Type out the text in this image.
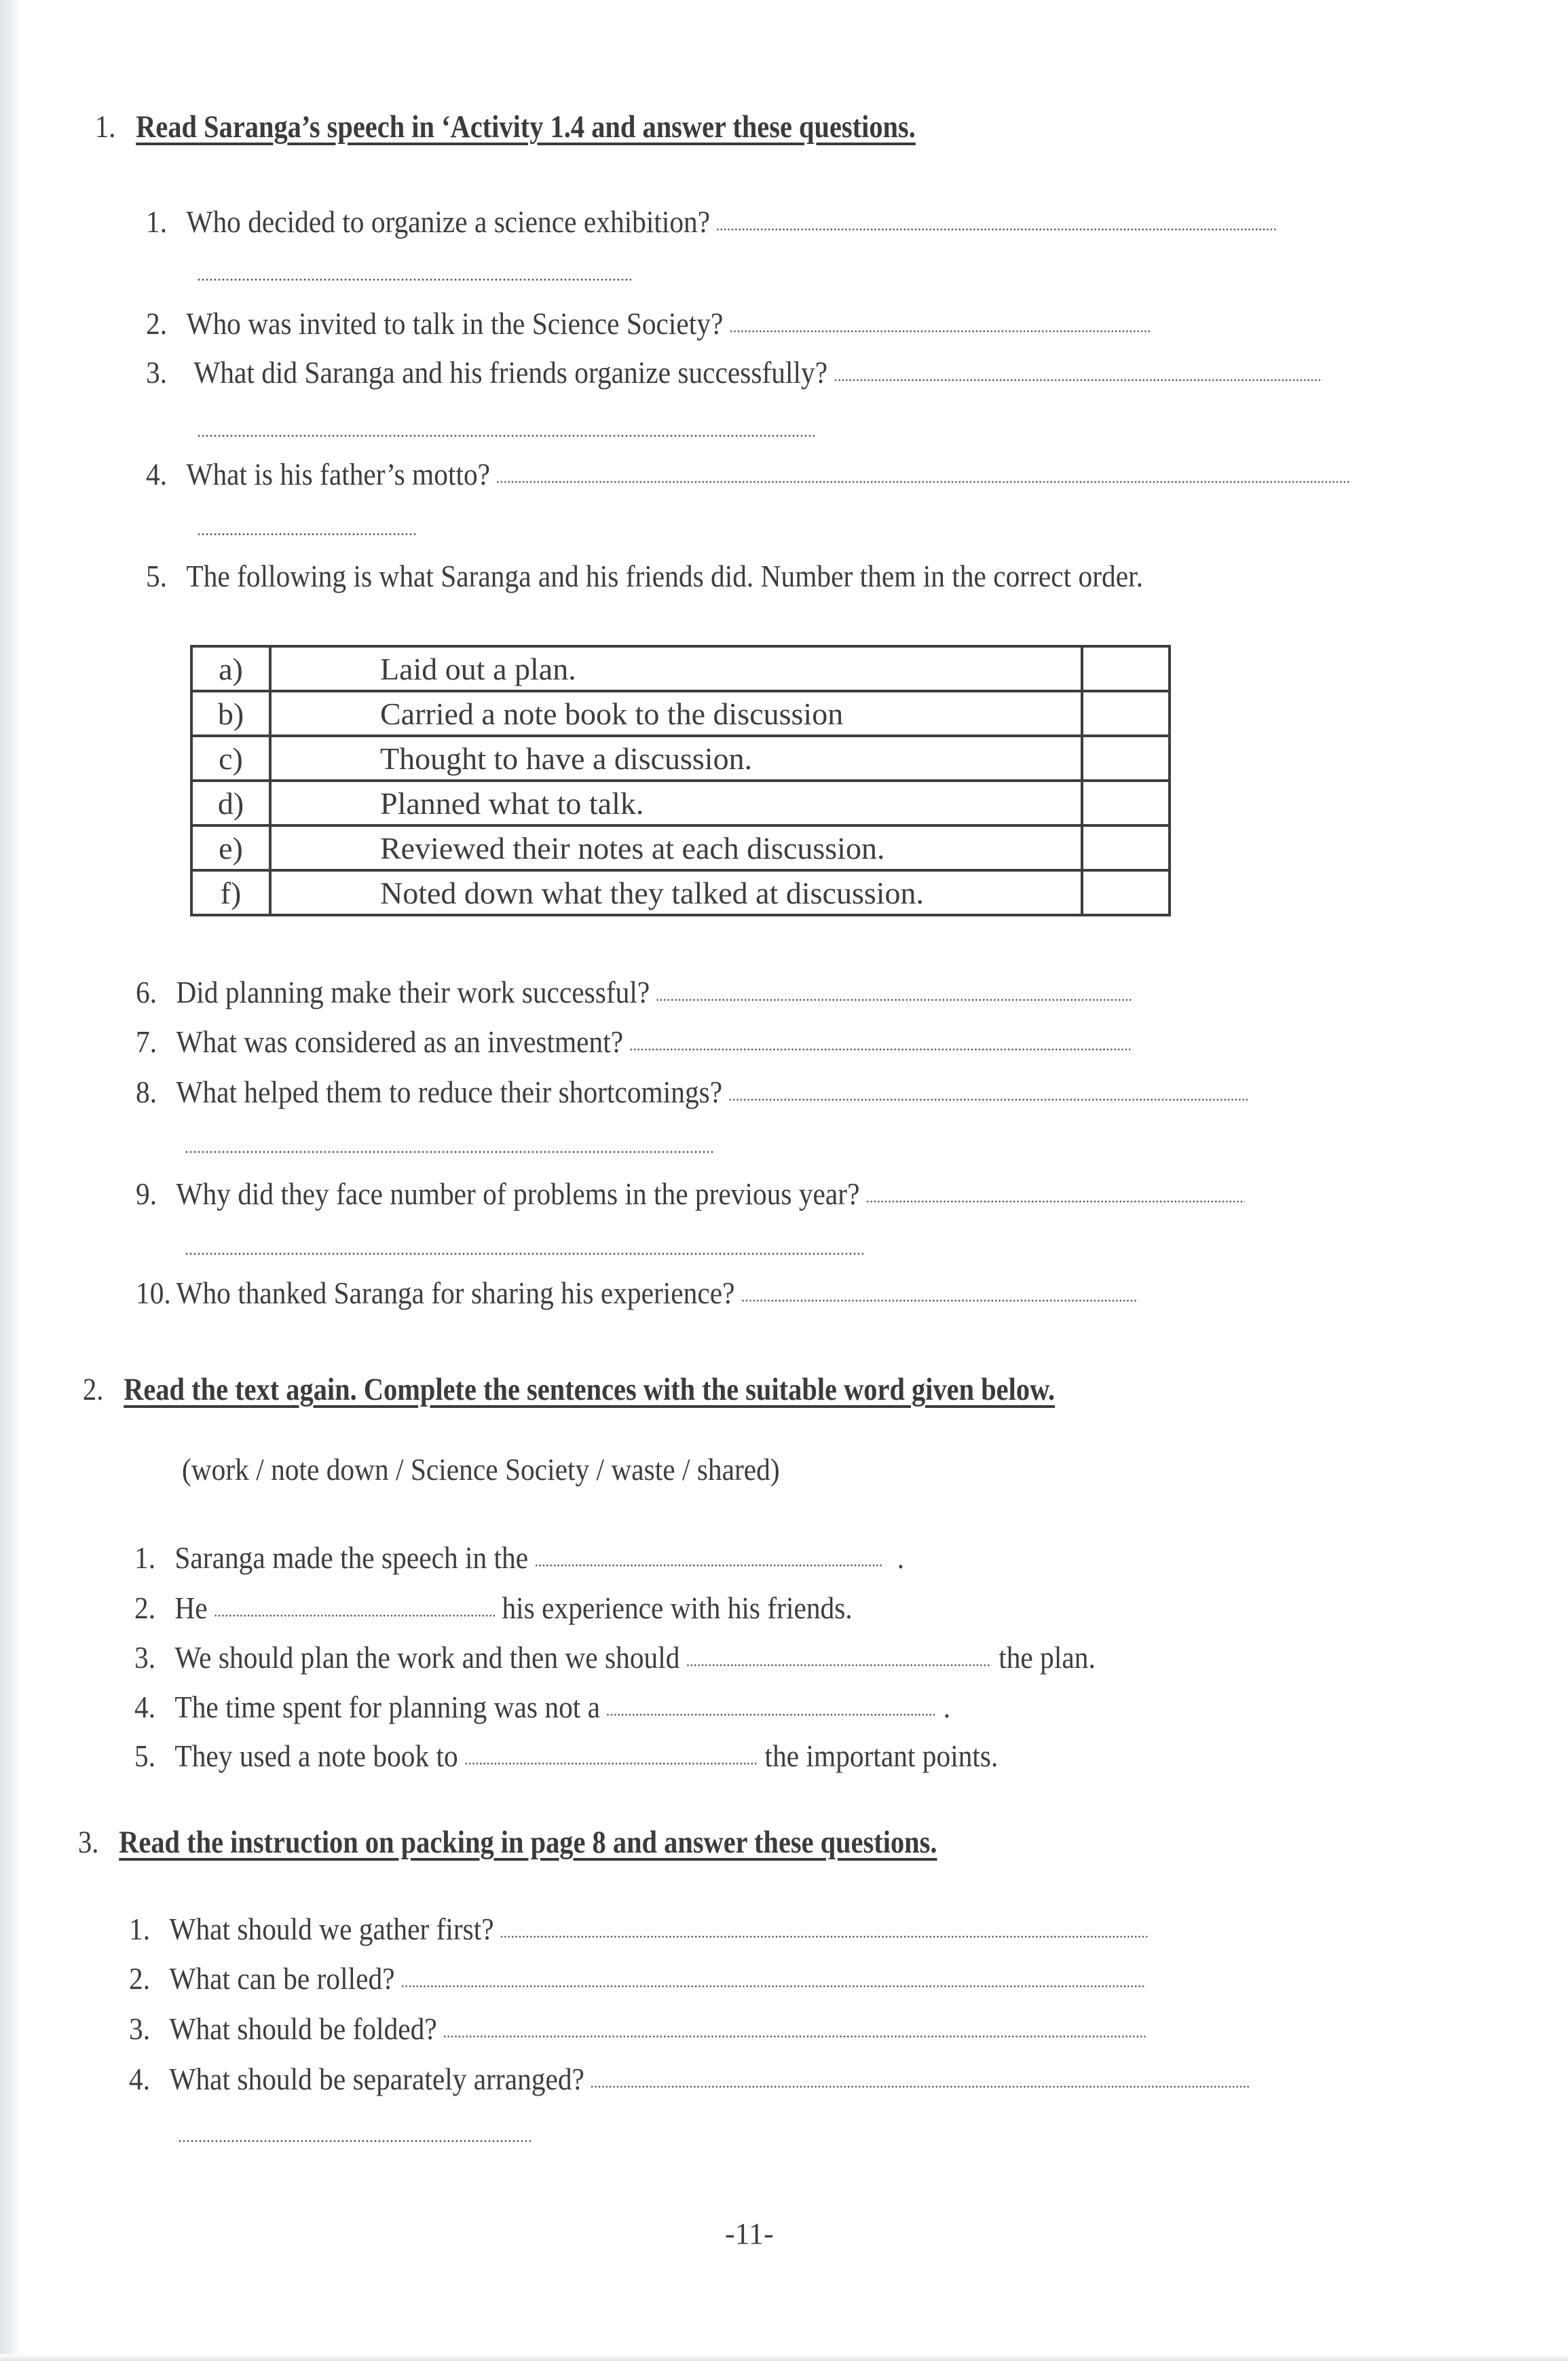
1. Read Saranga’s speech in ‘Activity 1.4 and answer these questions.
1. Who decided to organize a science exhibition?
2. Who was invited to talk in the Science Society?
3. What did Saranga and his friends organize successfully?
4. What is his father’s motto?
5. The following is what Saranga and his friends did. Number them in the correct order.
a)	Laid out a plan.	
b)	Carried a note book to the discussion	
c)	Thought to have a discussion.	
d)	Planned what to talk.	
e)	Reviewed their notes at each discussion.	
f)	Noted down what they talked at discussion.	
6. Did planning make their work successful?
7. What was considered as an investment?
8. What helped them to reduce their shortcomings?
9. Why did they face number of problems in the previous year?
10. Who thanked Saranga for sharing his experience?
2. Read the text again. Complete the sentences with the suitable word given below.
(work / note down / Science Society / waste / shared)
1. Saranga made the speech in the	.
2. He	his experience with his friends.
3. We should plan the work and then we should	the plan.
4. The time spent for planning was not a	.
5. They used a note book to	the important points.
3. Read the instruction on packing in page 8 and answer these questions.
1. What should we gather first?
2. What can be rolled?
3. What should be folded?
4. What should be separately arranged?
-11-
